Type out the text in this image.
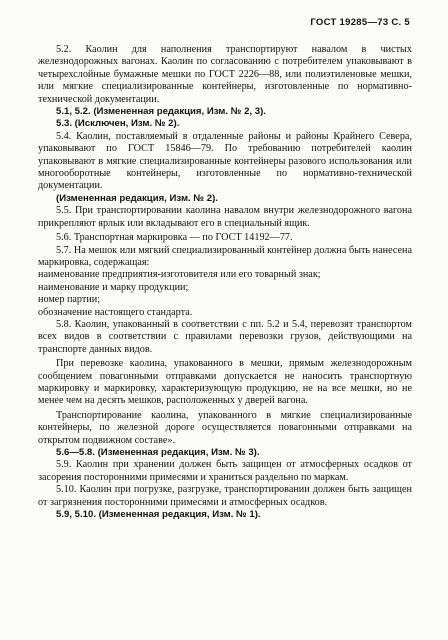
ГОСТ 19285—73 С. 5

5.2. Каолин для наполнения транспортируют навалом в чистых железнодорожных вагонах. Каолин по согласованию с потребителем упаковывают в четырехслойные бумажные мешки по ГОСТ 2226—88, или полиэтиленовые мешки, или мягкие специализированные контейнеры, изготовленные по нормативно-технической документации.

5.1, 5.2. (Измененная редакция, Изм. № 2, 3).

5.3. (Исключен, Изм. № 2).

5.4. Каолин, поставляемый в отдаленные районы и районы Крайнего Севера, упаковывают по ГОСТ 15846—79. По требованию потребителей каолин упаковывают в мягкие специализированные контейнеры разового использования или многооборотные контейнеры, изготовленные по нормативно-технической документации.

(Измененная редакция, Изм. № 2).

5.5. При транспортировании каолина навалом внутри железнодорожного вагона прикрепляют ярлык или вкладывают его в специальный ящик.

5.6. Транспортная маркировка — по ГОСТ 14192—77.

5.7. На мешок или мягкий специализированный контейнер должна быть нанесена маркировка, содержащая:

наименование предприятия-изготовителя или его товарный знак;

наименование и марку продукции;

номер партии;

обозначение настоящего стандарта.

5.8. Каолин, упакованный в соответствии с пп. 5.2 и 5.4, перевозят транспортом всех видов в соответствии с правилами перевозки грузов, действующими на транспорте данных видов.

При перевозке каолина, упакованного в мешки, прямым железнодорожным сообщением повагонными отправками допускается не наносить транспортную маркировку и маркировку, характеризующую продукцию, не на все мешки, но не менее чем на десять мешков, расположенных у дверей вагона.

Транспортирование каолина, упакованного в мягкие специализированные контейнеры, по железной дороге осуществляется повагонными отправками на открытом подвижном составе».

5.6—5.8. (Измененная редакция, Изм. № 3).

5.9. Каолин при хранении должен быть защищен от атмосферных осадков от засорения посторонними примесями и храниться раздельно по маркам.

5.10. Каолин при погрузке, разгрузке, транспортировании должен быть защищен от загрязнения посторонними примесями и атмосферных осадков.

5.9, 5.10. (Измененная редакция, Изм. № 1).
